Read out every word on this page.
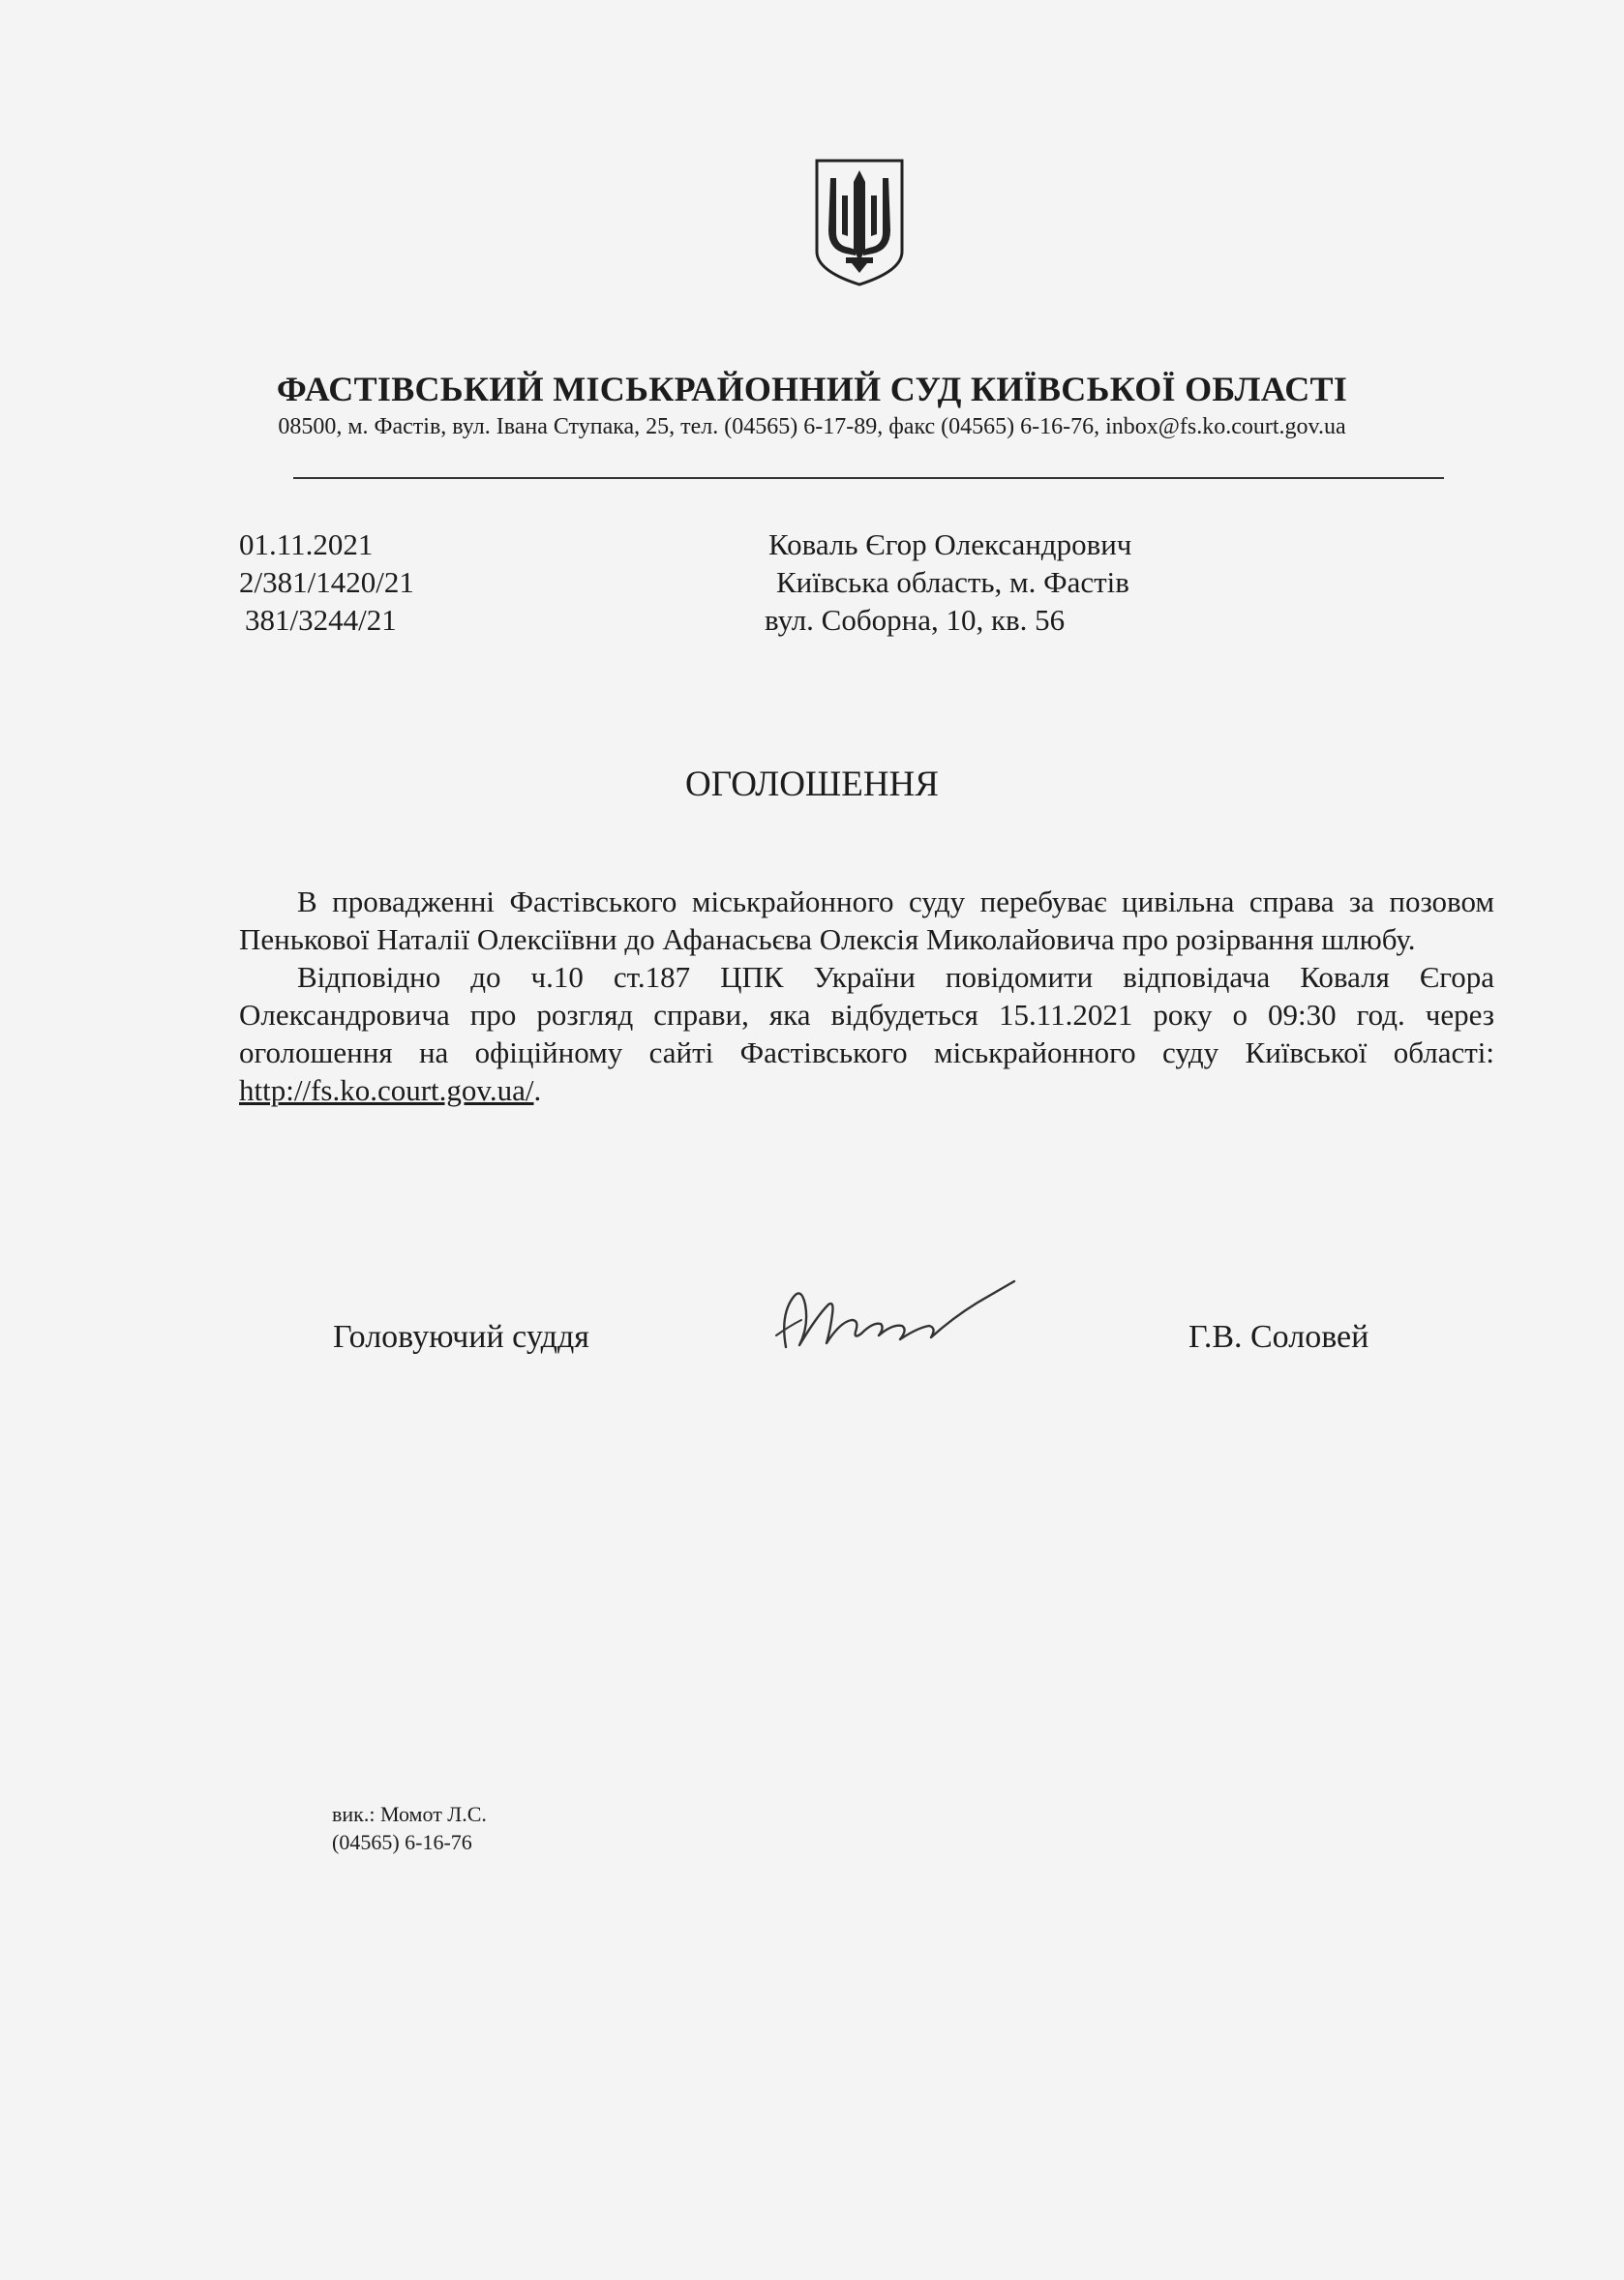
ФАСТІВСЬКИЙ МІСЬКРАЙОННИЙ СУД КИЇВСЬКОЇ ОБЛАСТІ
08500, м. Фастів, вул. Івана Ступака, 25, тел. (04565) 6-17-89, факс (04565) 6-16-76, inbox@fs.ko.court.gov.ua
01.11.2021
2/381/1420/21
381/3244/21
Коваль Єгор Олександрович
Київська область, м. Фастів
вул. Соборна, 10, кв. 56
ОГОЛОШЕННЯ

В провадженні Фастівського міськрайонного суду перебуває цивільна справа за позовом Пенькової Наталії Олексіївни до Афанасьєва Олексія Миколайовича про розірвання шлюбу.

Відповідно до ч.10 ст.187 ЦПК України повідомити відповідача Коваля Єгора Олександровича про розгляд справи, яка відбудеться 15.11.2021 року о 09:30 год. через оголошення на офіційному сайті Фастівського міськрайонного суду Київської області: http://fs.ko.court.gov.ua/.

Головуючий суддя	Г.В. Соловей
вик.: Момот Л.С.
(04565) 6-16-76
